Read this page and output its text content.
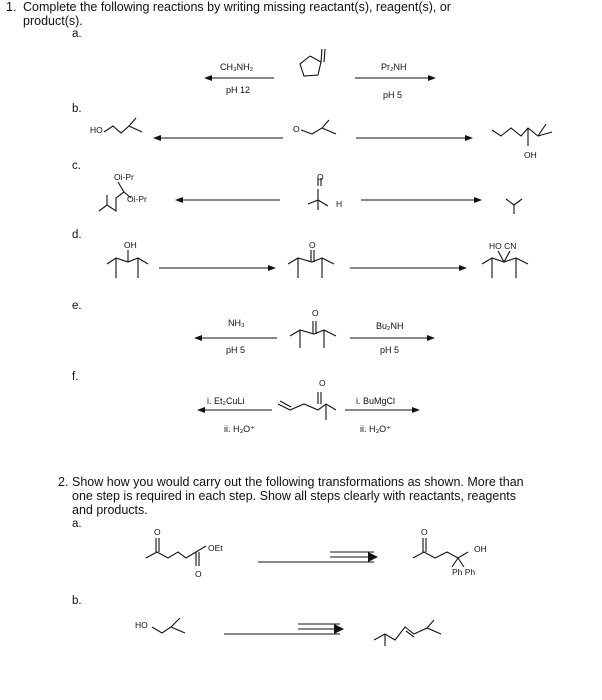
1. Complete the following reactions by writing missing reactant(s), reagent(s), or
product(s).
a.
b.
c.
d.
e.
f.
CH₃NH₂
pH 12
Pr₂NH
pH 5
HO	O
OH
Oi-Pr
Oi-Pr
O
H
OH	O	HO CN
O
NH₃
pH 5
Bu₂NH
pH 5
O
i. Et₂CuLi
ii. H₃O⁺
i. BuMgCl
ii. H₃O⁺
2. Show how you would carry out the following transformations as shown. More than
one step is required in each step. Show all steps clearly with reactants, reagents
and products.
a.
b.
O
OEt
O
O
OH
Ph Ph
HO
